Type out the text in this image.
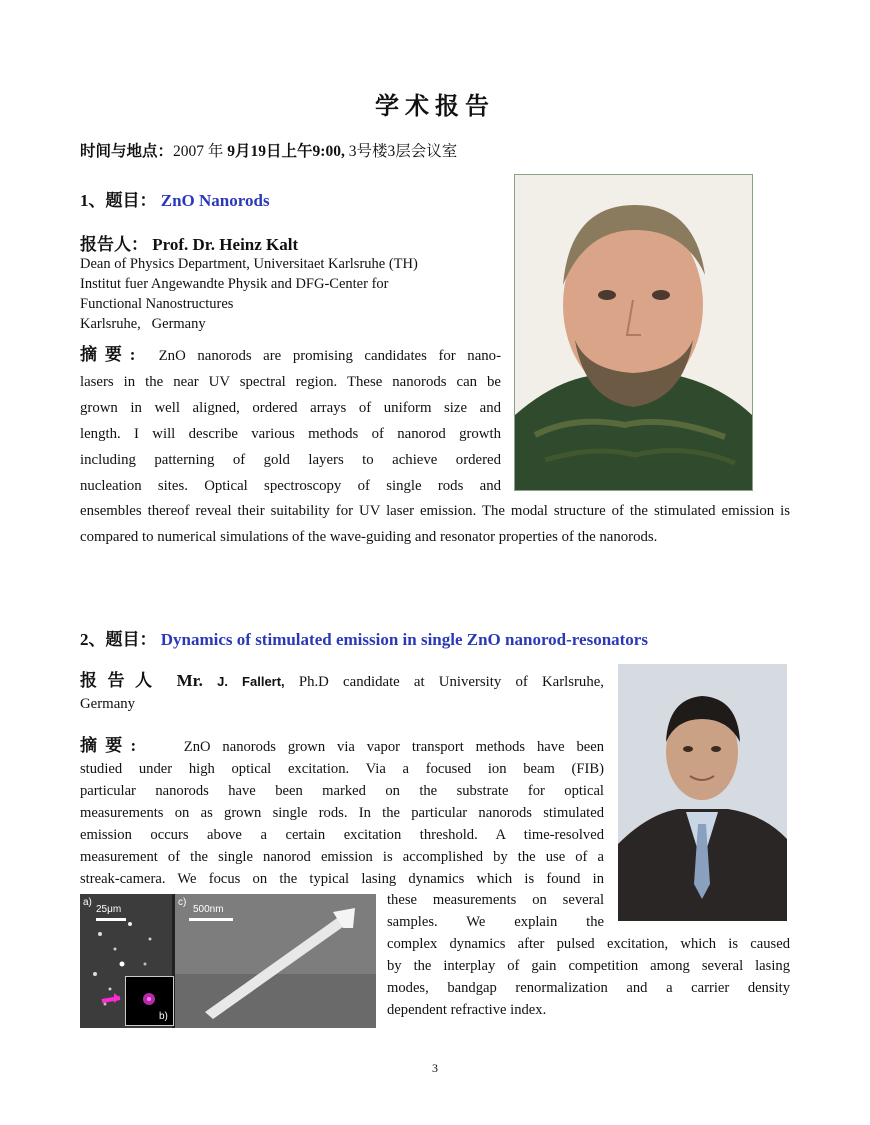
学术报告
时间与地点：2007 年 9月19日上午9:00, 3号楼3层会议室
1、题目： ZnO Nanorods
报告人： Prof. Dr. Heinz Kalt
Dean of Physics Department, Universitaet Karlsruhe (TH)
Institut fuer Angewandte Physik and DFG-Center for
Functional Nanostructures
Karlsruhe,   Germany
摘要: ZnO nanorods are promising candidates for nano-
lasers in the near UV spectral region. These nanorods can be
grown in well aligned, ordered arrays of uniform size and
length. I will describe various methods of nanorod growth
including patterning of gold layers to achieve ordered
nucleation sites. Optical spectroscopy of single rods and
ensembles thereof reveal their suitability for UV laser emission. The modal structure of the stimulated emission is compared to numerical simulations of the wave-guiding and resonator properties of the nanorods.
2、题目： Dynamics of stimulated emission in single ZnO nanorod-resonators
报告人 Mr. J. Fallert, Ph.D candidate at University of Karlsruhe,
Germany
摘要:	ZnO nanorods grown via vapor transport methods have been
studied under high optical excitation. Via a focused ion beam (FIB)
particular nanorods have been marked on the substrate for optical
measurements on as grown single rods. In the particular nanorods stimulated
emission occurs above a certain excitation threshold. A time-resolved
measurement of the single nanorod emission is accomplished by the use of a
streak-camera. We focus on the typical lasing dynamics which is found in
these measurements on several
samples. We explain the
complex dynamics after pulsed excitation, which is caused
by the interplay of gain competition among several lasing
modes, bandgap renormalization and a carrier density
dependent refractive index.
a)
25μm
b)
c)
500nm
3
